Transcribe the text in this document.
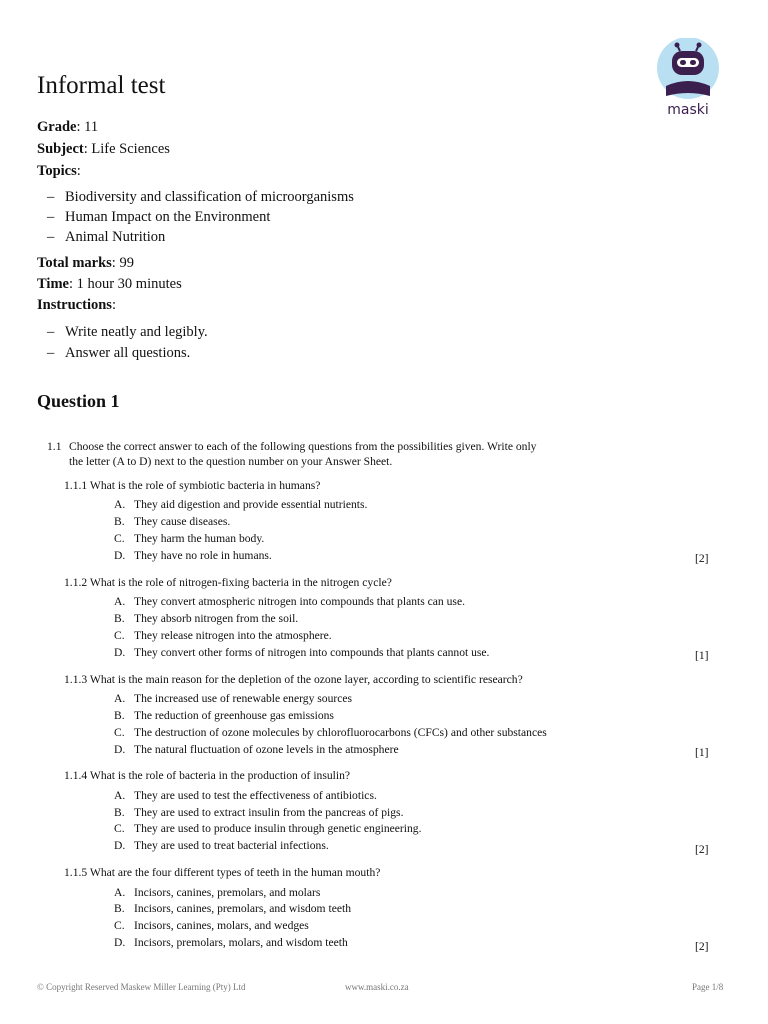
Informal test
maski
Grade: 11
Subject: Life Sciences
Topics:
– Biodiversity and classification of microorganisms
– Human Impact on the Environment
– Animal Nutrition
Total marks: 99
Time: 1 hour 30 minutes
Instructions:
– Write neatly and legibly.
– Answer all questions.
Question 1
1.1 Choose the correct answer to each of the following questions from the possibilities given. Write only
the letter (A to D) next to the question number on your Answer Sheet.
1.1.1 What is the role of symbiotic bacteria in humans?
A. They aid digestion and provide essential nutrients.
B. They cause diseases.
C. They harm the human body.
D. They have no role in humans.	[2]
1.1.2 What is the role of nitrogen-fixing bacteria in the nitrogen cycle?
A. They convert atmospheric nitrogen into compounds that plants can use.
B. They absorb nitrogen from the soil.
C. They release nitrogen into the atmosphere.
D. They convert other forms of nitrogen into compounds that plants cannot use.	[1]
1.1.3 What is the main reason for the depletion of the ozone layer, according to scientific research?
A. The increased use of renewable energy sources
B. The reduction of greenhouse gas emissions
C. The destruction of ozone molecules by chlorofluorocarbons (CFCs) and other substances
D. The natural fluctuation of ozone levels in the atmosphere	[1]
1.1.4 What is the role of bacteria in the production of insulin?
A. They are used to test the effectiveness of antibiotics.
B. They are used to extract insulin from the pancreas of pigs.
C. They are used to produce insulin through genetic engineering.
D. They are used to treat bacterial infections.	[2]
1.1.5 What are the four different types of teeth in the human mouth?
A. Incisors, canines, premolars, and molars
B. Incisors, canines, premolars, and wisdom teeth
C. Incisors, canines, molars, and wedges
D. Incisors, premolars, molars, and wisdom teeth	[2]
© Copyright Reserved Maskew Miller Learning (Pty) Ltd	www.maski.co.za	Page 1/8
